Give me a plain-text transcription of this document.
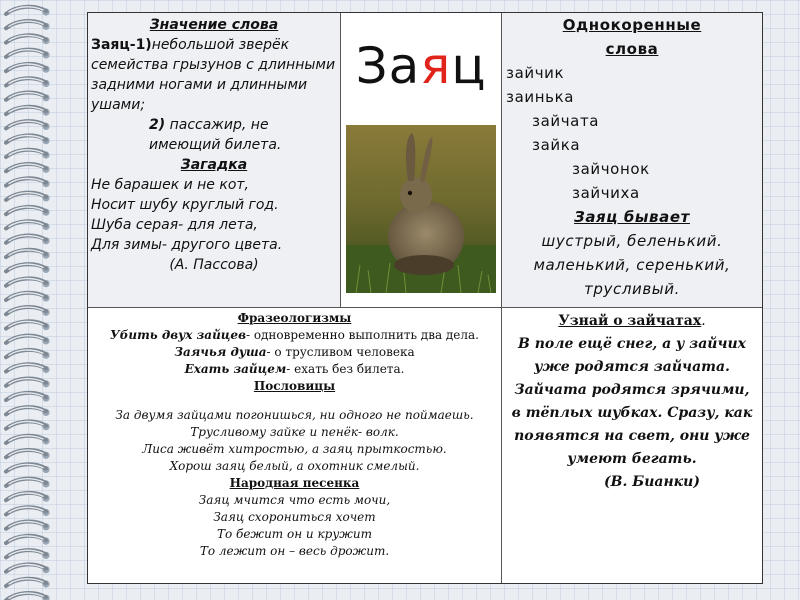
Значение слова

Заяц-1)небольшой зверёк семейства грызунов с длинными задними ногами и длинными ушами;

2) пассажир, не имеющий билета.

Загадка

Не барашек и не кот,

Носит шубу круглый год.

Шуба серая- для лета,

Для зимы- другого цвета.

(А. Пассова)

Заяц
Однокоренные
слова
зайчик
заинька
зайчата
зайка
зайчонок
зайчиха
Заяц бывает
шустрый, беленький.
маленький, серенький,
трусливый.
Фразеологизмы
Убить двух зайцев- одновременно выполнить два дела.
Заячья душа- о трусливом человека
Ехать зайцем- ехать без билета.
Пословицы
За двумя зайцами погонишься, ни одного не поймаешь.
Трусливому зайке и пенёк- волк.
Лиса живёт хитростью, а заяц прыткостью.
Хорош заяц белый, а охотник смелый.
Народная песенка
Заяц мчится что есть мочи,
Заяц схорониться хочет
То бежит он и кружит
То лежит он – весь дрожит.
Узнай о зайчатах.
В поле ещё снег, а у зайчих уже родятся зайчата. Зайчата родятся зрячими, в тёплых шубках. Сразу, как появятся на свет, они уже умеют бегать.
(В. Бианки)
